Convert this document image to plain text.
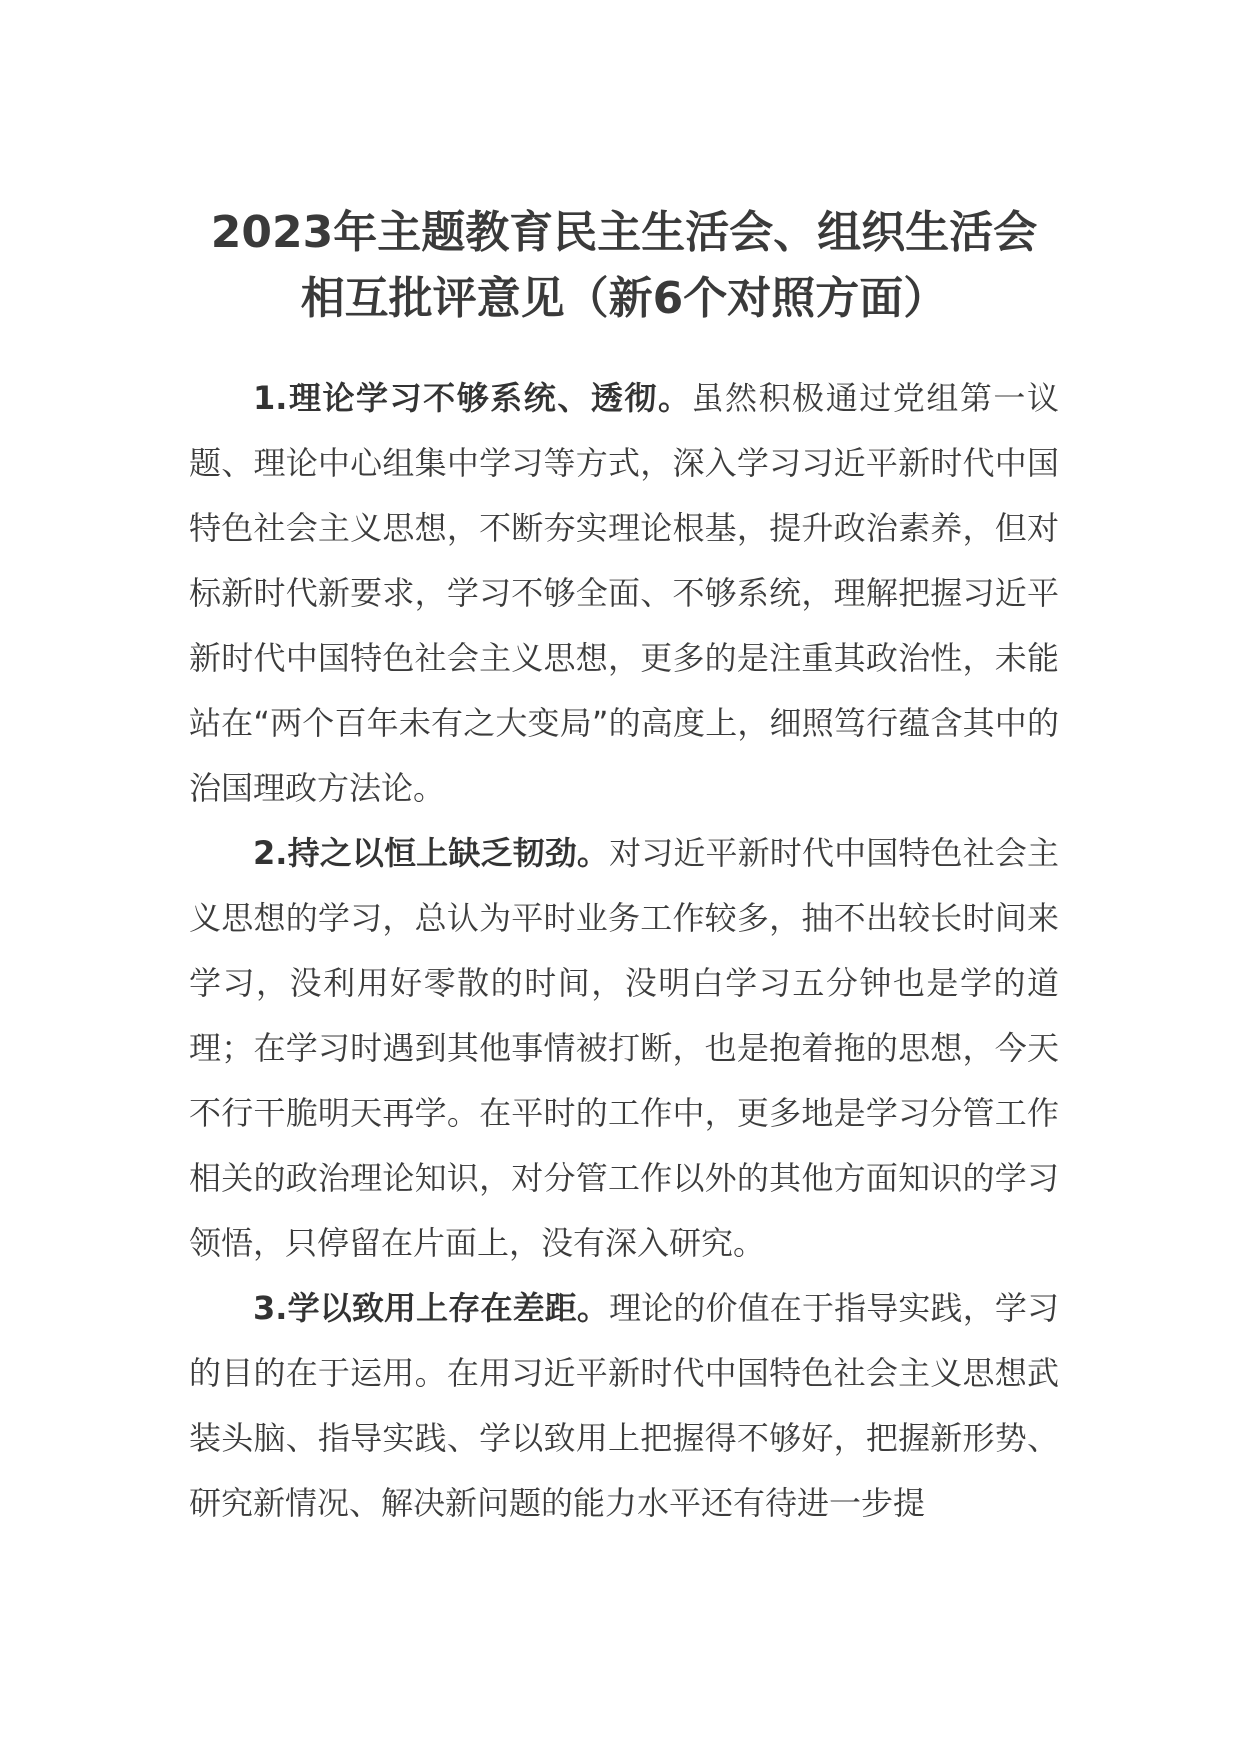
2023年主题教育民主生活会、组织生活会
相互批评意见（新6个对照方面）

1.理论学习不够系统、透彻。虽然积极通过党组第一议题、理论中心组集中学习等方式，深入学习习近平新时代中国特色社会主义思想，不断夯实理论根基，提升政治素养，但对标新时代新要求，学习不够全面、不够系统，理解把握习近平新时代中国特色社会主义思想，更多的是注重其政治性，未能站在“两个百年未有之大变局”的高度上，细照笃行蕴含其中的治国理政方法论。

2.持之以恒上缺乏韧劲。对习近平新时代中国特色社会主义思想的学习，总认为平时业务工作较多，抽不出较长时间来学习，没利用好零散的时间，没明白学习五分钟也是学的道理；在学习时遇到其他事情被打断，也是抱着拖的思想，今天不行干脆明天再学。在平时的工作中，更多地是学习分管工作相关的政治理论知识，对分管工作以外的其他方面知识的学习领悟，只停留在片面上，没有深入研究。

3.学以致用上存在差距。理论的价值在于指导实践，学习的目的在于运用。在用习近平新时代中国特色社会主义思想武装头脑、指导实践、学以致用上把握得不够好，把握新形势、研究新情况、解决新问题的能力水平还有待进一步提
